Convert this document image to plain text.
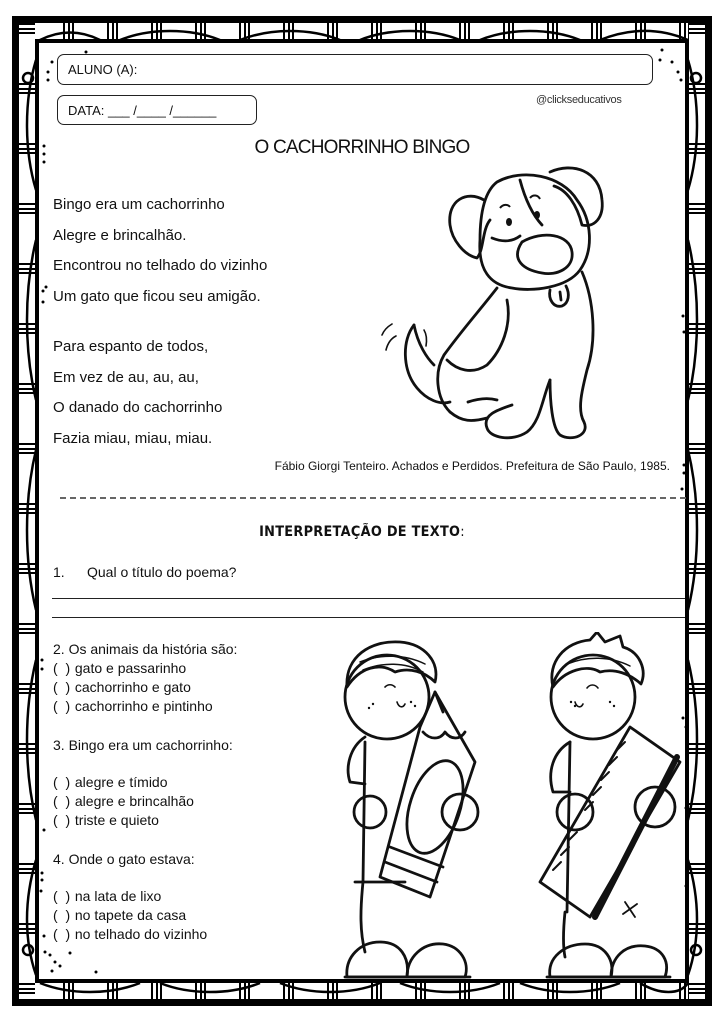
ALUNO (A):
DATA: ___ /____ /______
@clickseducativos
O CACHORRINHO BINGO
Bingo era um cachorrinho
Alegre e brincalhão.
Encontrou no telhado do vizinho
Um gato que ficou seu amigão.
Para espanto de todos,
Em vez de au, au, au,
O danado do cachorrinho
Fazia miau, miau, miau.
Fábio Giorgi Tenteiro. Achados e Perdidos. Prefeitura de São Paulo, 1985.
INTERPRETAÇÃO DE TEXTO:
1. Qual o título do poema?
2. Os animais da história são:
(  ) gato e passarinho
(  ) cachorrinho e gato
(  ) cachorrinho e pintinho
3. Bingo era um cachorrinho:
(  ) alegre e tímido
(  ) alegre e brincalhão
(  ) triste e quieto
4. Onde o gato estava:
(  ) na lata de lixo
(  ) no tapete da casa
(  ) no telhado do vizinho
